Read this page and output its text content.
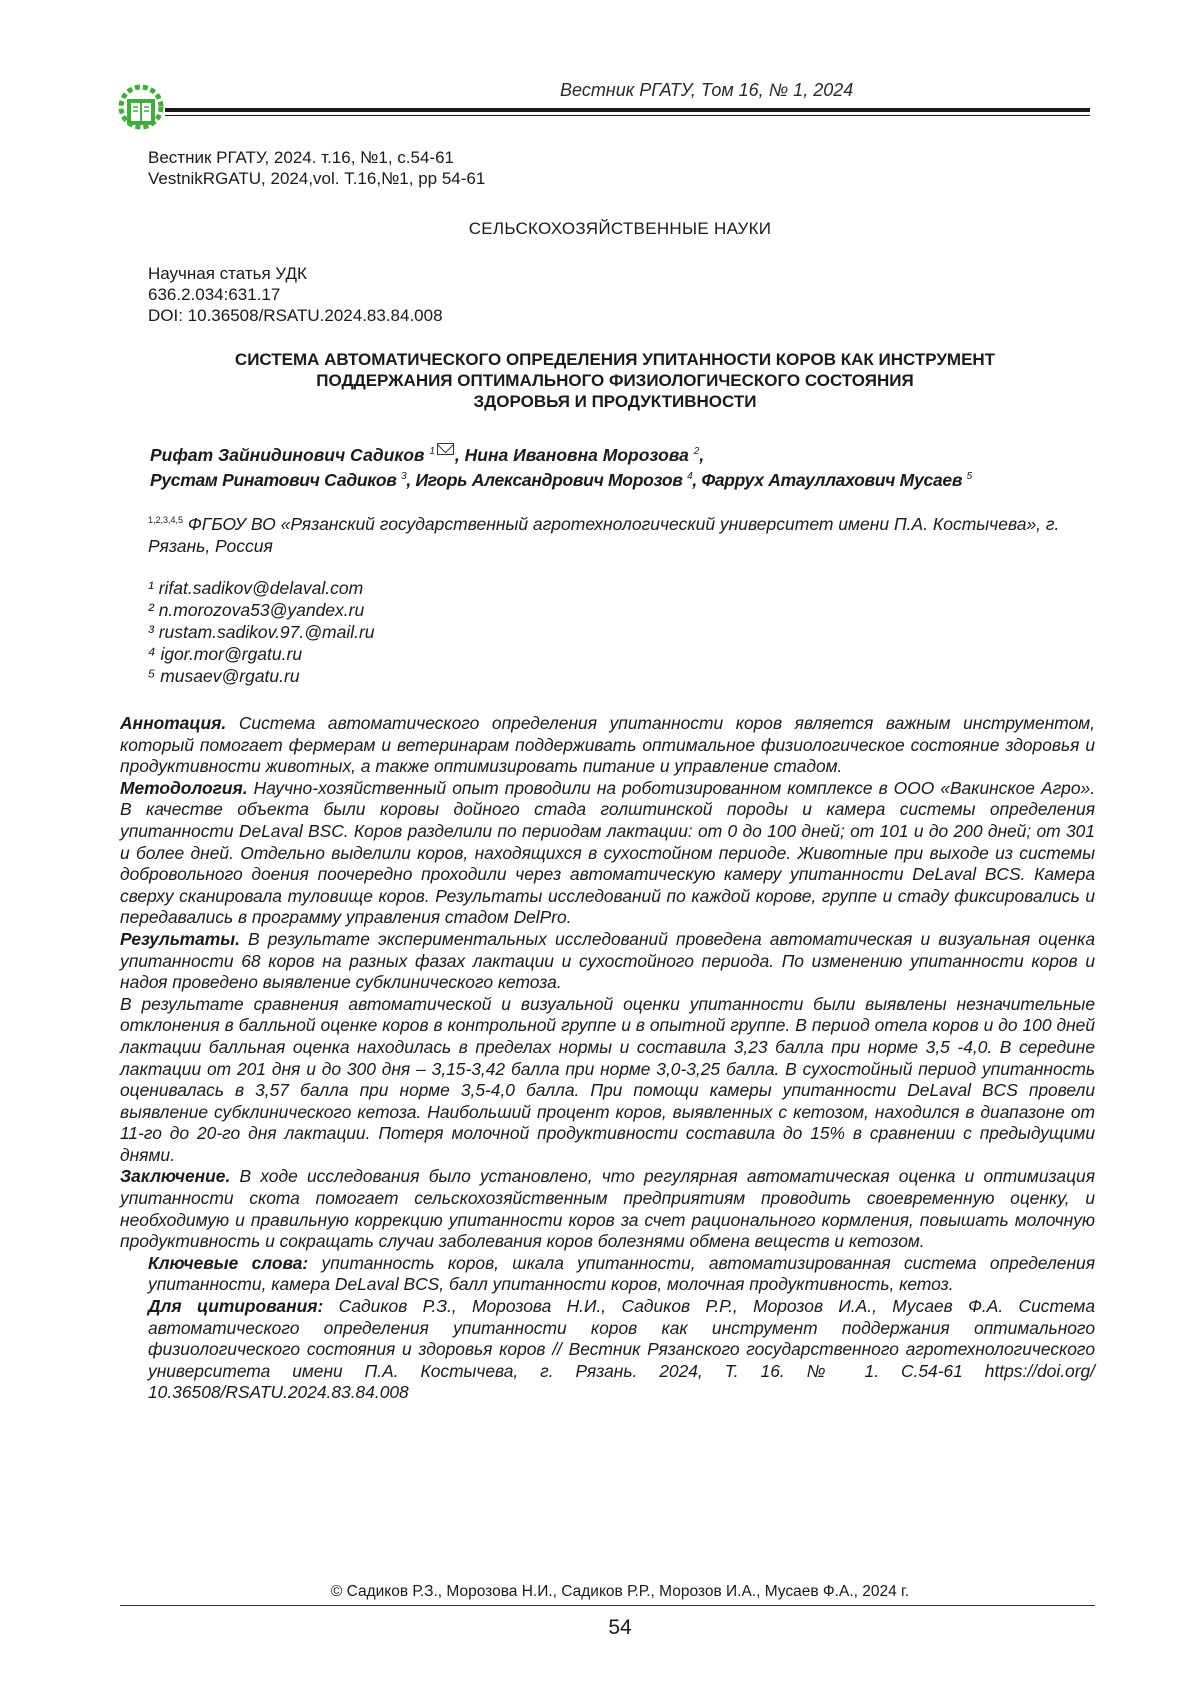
Вестник РГАТУ, Том 16, № 1, 2024
Вестник РГАТУ, 2024. т.16, №1, с.54-61
VestnikRGATU, 2024,vol. Т.16,№1, pp 54-61
СЕЛЬСКОХОЗЯЙСТВЕННЫЕ НАУКИ
Научная статья УДК
636.2.034:631.17
DOI: 10.36508/RSATU.2024.83.84.008
СИСТЕМА АВТОМАТИЧЕСКОГО ОПРЕДЕЛЕНИЯ УПИТАННОСТИ КОРОВ КАК ИНСТРУМЕНТ
ПОДДЕРЖАНИЯ ОПТИМАЛЬНОГО ФИЗИОЛОГИЧЕСКОГО СОСТОЯНИЯ
ЗДОРОВЬЯ И ПРОДУКТИВНОСТИ
Рифат Зайнидинович Садиков $^1$ , Нина Ивановна Морозова $^2$,
Рустам Ринатович Садиков $^3$, Игорь Александрович Морозов $^4$, Фаррух Атауллахович Мусаев $^5$
$^{1,2,3,4,5}$ ФГБОУ ВО «Рязанский государственный агротехнологический университет имени П.А. Костычева», г. Рязань, Россия
¹ rifat.sadikov@delaval.com
² n.morozova53@yandex.ru
³ rustam.sadikov.97.@mail.ru
⁴ igor.mor@rgatu.ru
⁵ musaev@rgatu.ru

Аннотация. Система автоматического определения упитанности коров является важным инструментом, который помогает фермерам и ветеринарам поддерживать оптимальное физиологическое состояние здоровья и продуктивности животных, а также оптимизировать питание и управление стадом.

Методология. Научно-хозяйственный опыт проводили на роботизированном комплексе в ООО «Вакинское Агро». В качестве объекта были коровы дойного стада голштинской породы и камера системы определения упитанности DeLaval BSC. Коров разделили по периодам лактации: от 0 до 100 дней; от 101 и до 200 дней; от 301 и более дней. Отдельно выделили коров, находящихся в сухостойном периоде. Животные при выходе из системы добровольного доения поочередно проходили через автоматическую камеру упитанности DeLaval BCS. Камера сверху сканировала туловище коров. Результаты исследований по каждой корове, группе и стаду фиксировались и передавались в программу управления стадом DelPro.

Результаты. В результате экспериментальных исследований проведена автоматическая и визуальная оценка упитанности 68 коров на разных фазах лактации и сухостойного периода. По изменению упитанности коров и надоя проведено выявление субклинического кетоза.

В результате сравнения автоматической и визуальной оценки упитанности были выявлены незначительные отклонения в балльной оценке коров в контрольной группе и в опытной группе. В период отела коров и до 100 дней лактации балльная оценка находилась в пределах нормы и составила 3,23 балла при норме 3,5 -4,0. В середине лактации от 201 дня и до 300 дня – 3,15-3,42 балла при норме 3,0-3,25 балла. В сухостойный период упитанность оценивалась в 3,57 балла при норме 3,5-4,0 балла. При помощи камеры упитанности DeLaval BCS провели выявление субклинического кетоза. Наибольший процент коров, выявленных с кетозом, находился в диапазоне от 11-го до 20-го дня лактации. Потеря молочной продуктивности составила до 15% в сравнении с предыдущими днями.

Заключение. В ходе исследования было установлено, что регулярная автоматическая оценка и оптимизация упитанности скота помогает сельскохозяйственным предприятиям проводить своевременную оценку, и необходимую и правильную коррекцию упитанности коров за счет рационального кормления, повышать молочную продуктивность и сокращать случаи заболевания коров болезнями обмена веществ и кетозом.

Ключевые слова: упитанность коров, шкала упитанности, автоматизированная система определения упитанности, камера DeLaval BCS, балл упитанности коров, молочная продуктивность, кетоз.

Для цитирования: Садиков Р.З., Морозова Н.И., Садиков Р.Р., Морозов И.А., Мусаев Ф.А. Система автоматического определения упитанности коров как инструмент поддержания оптимального физиологического состояния и здоровья коров // Вестник Рязанского государственного агротехнологического университета имени П.А. Костычева, г. Рязань. 2024, Т. 16. № 1. С.54-61 https://doi.org/ 10.36508/RSATU.2024.83.84.008

© Садиков Р.З., Морозова Н.И., Садиков Р.Р., Морозов И.А., Мусаев Ф.А., 2024 г.
54
